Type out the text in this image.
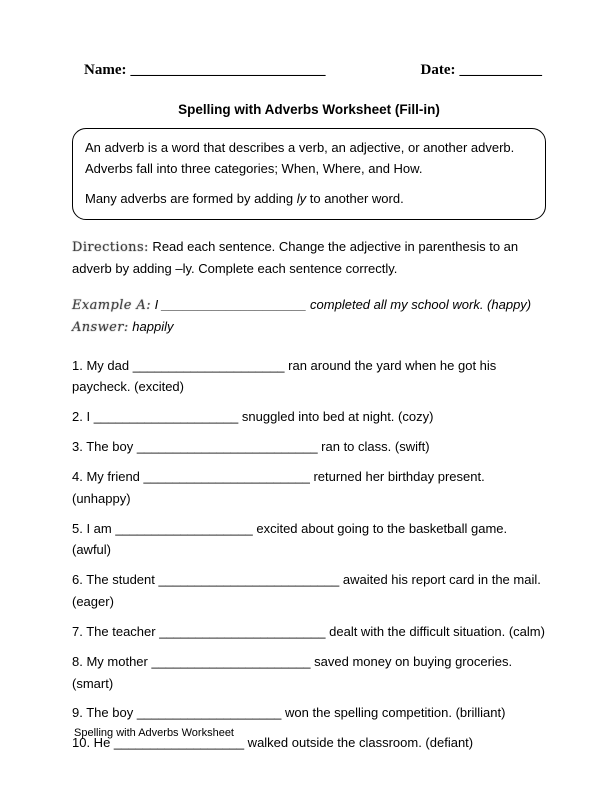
Name: __________________________	Date: ___________
Spelling with Adverbs Worksheet (Fill-in)
An adverb is a word that describes a verb, an adjective, or another adverb.
Adverbs fall into three categories; When, Where, and How.
Many adverbs are formed by adding ly to another word.
Directions: Read each sentence. Change the adjective in parenthesis to an adverb by adding –ly. Complete each sentence correctly.
Example A: I ____________________ completed all my school work. (happy)
Answer: happily

1. My dad _____________________ ran around the yard when he got his paycheck. (excited)

2. I ____________________ snuggled into bed at night. (cozy)

3. The boy _________________________ ran to class. (swift)

4. My friend _______________________ returned her birthday present. (unhappy)

5. I am ___________________ excited about going to the basketball game. (awful)

6. The student _________________________ awaited his report card in the mail. (eager)

7. The teacher _______________________ dealt with the difficult situation. (calm)

8. My mother ______________________ saved money on buying groceries. (smart)

9. The boy ____________________ won the spelling competition. (brilliant)

10. He __________________ walked outside the classroom. (defiant)

Spelling with Adverbs Worksheet
